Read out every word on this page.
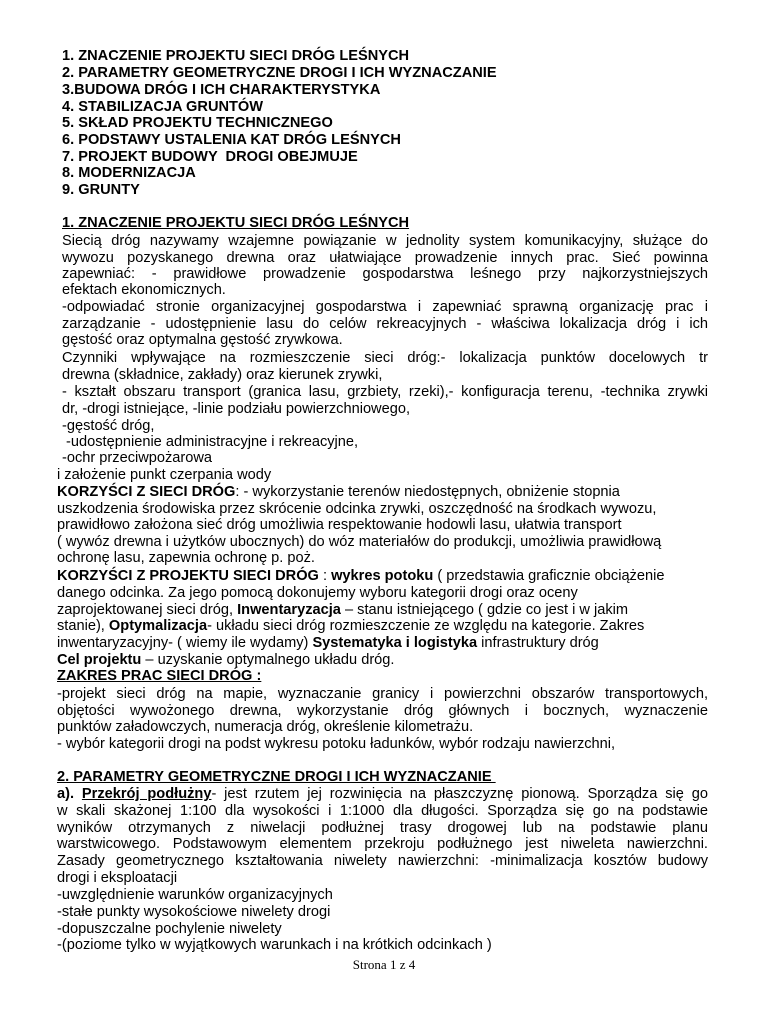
1. ZNACZENIE PROJEKTU SIECI DRÓG LEŚNYCH
2. PARAMETRY GEOMETRYCZNE DROGI I ICH WYZNACZANIE
3.BUDOWA DRÓG I ICH CHARAKTERYSTYKA
4. STABILIZACJA GRUNTÓW
5. SKŁAD PROJEKTU TECHNICZNEGO
6. PODSTAWY USTALENIA KAT DRÓG LEŚNYCH
7. PROJEKT BUDOWY  DROGI OBEJMUJE
8. MODERNIZACJA
9. GRUNTY
1. ZNACZENIE PROJEKTU SIECI DRÓG LEŚNYCH
Siecią dróg nazywamy wzajemne powiązanie w jednolity system komunikacyjny, służące do
wywozu pozyskanego drewna oraz ułatwiające prowadzenie innych prac. Sieć powinna
zapewniać: - prawidłowe prowadzenie gospodarstwa leśnego przy najkorzystniejszych
efektach ekonomicznych.
-odpowiadać stronie organizacyjnej gospodarstwa i zapewniać sprawną organizację prac i
zarządzanie - udostępnienie lasu do celów rekreacyjnych - właściwa lokalizacja dróg i ich
gęstość oraz optymalna gęstość zrywkowa.
Czynniki wpływające na rozmieszczenie sieci dróg:- lokalizacja punktów docelowych tr
drewna (składnice, zakłady) oraz kierunek zrywki,
- kształt obszaru transport (granica lasu, grzbiety, rzeki),- konfiguracja terenu, -technika zrywki
dr, -drogi istniejące, -linie podziału powierzchniowego,
-gęstość dróg,
-udostępnienie administracyjne i rekreacyjne,
-ochr przeciwpożarowa
i założenie punkt czerpania wody
KORZYŚCI Z SIECI DRÓG: - wykorzystanie terenów niedostępnych, obniżenie stopnia
uszkodzenia środowiska przez skrócenie odcinka zrywki, oszczędność na środkach wywozu,
prawidłowo założona sieć dróg umożliwia respektowanie hodowli lasu, ułatwia transport
( wywóz drewna i użytków ubocznych) do wóz materiałów do produkcji, umożliwia prawidłową
ochronę lasu, zapewnia ochronę p. poż.
KORZYŚCI Z PROJEKTU SIECI DRÓG : wykres potoku ( przedstawia graficznie obciążenie
danego odcinka. Za jego pomocą dokonujemy wyboru kategorii drogi oraz oceny
zaprojektowanej sieci dróg, Inwentaryzacja – stanu istniejącego ( gdzie co jest i w jakim
stanie), Optymalizacja- układu sieci dróg rozmieszczenie ze względu na kategorie. Zakres
inwentaryzacyjny- ( wiemy ile wydamy) Systematyka i logistyka infrastruktury dróg
Cel projektu – uzyskanie optymalnego układu dróg.
ZAKRES PRAC SIECI DRÓG :
-projekt sieci dróg na mapie, wyznaczanie granicy i powierzchni obszarów transportowych,
objętości wywożonego drewna, wykorzystanie dróg głównych i bocznych, wyznaczenie
punktów załadowczych, numeracja dróg, określenie kilometrażu.
- wybór kategorii drogi na podst wykresu potoku ładunków, wybór rodzaju nawierzchni,
2. PARAMETRY GEOMETRYCZNE DROGI I ICH WYZNACZANIE
a). Przekrój podłużny- jest rzutem jej rozwinięcia na płaszczyznę pionową. Sporządza się go
w skali skażonej 1:100 dla wysokości i 1:1000 dla długości. Sporządza się go na podstawie
wyników otrzymanych z niwelacji podłużnej trasy drogowej lub na podstawie planu
warstwicowego. Podstawowym elementem przekroju podłużnego jest niweleta nawierzchni.
Zasady geometrycznego kształtowania niwelety nawierzchni: -minimalizacja kosztów budowy
drogi i eksploatacji
-uwzględnienie warunków organizacyjnych
-stałe punkty wysokościowe niwelety drogi
-dopuszczalne pochylenie niwelety
-(poziome tylko w wyjątkowych warunkach i na krótkich odcinkach )
Strona 1 z 4
